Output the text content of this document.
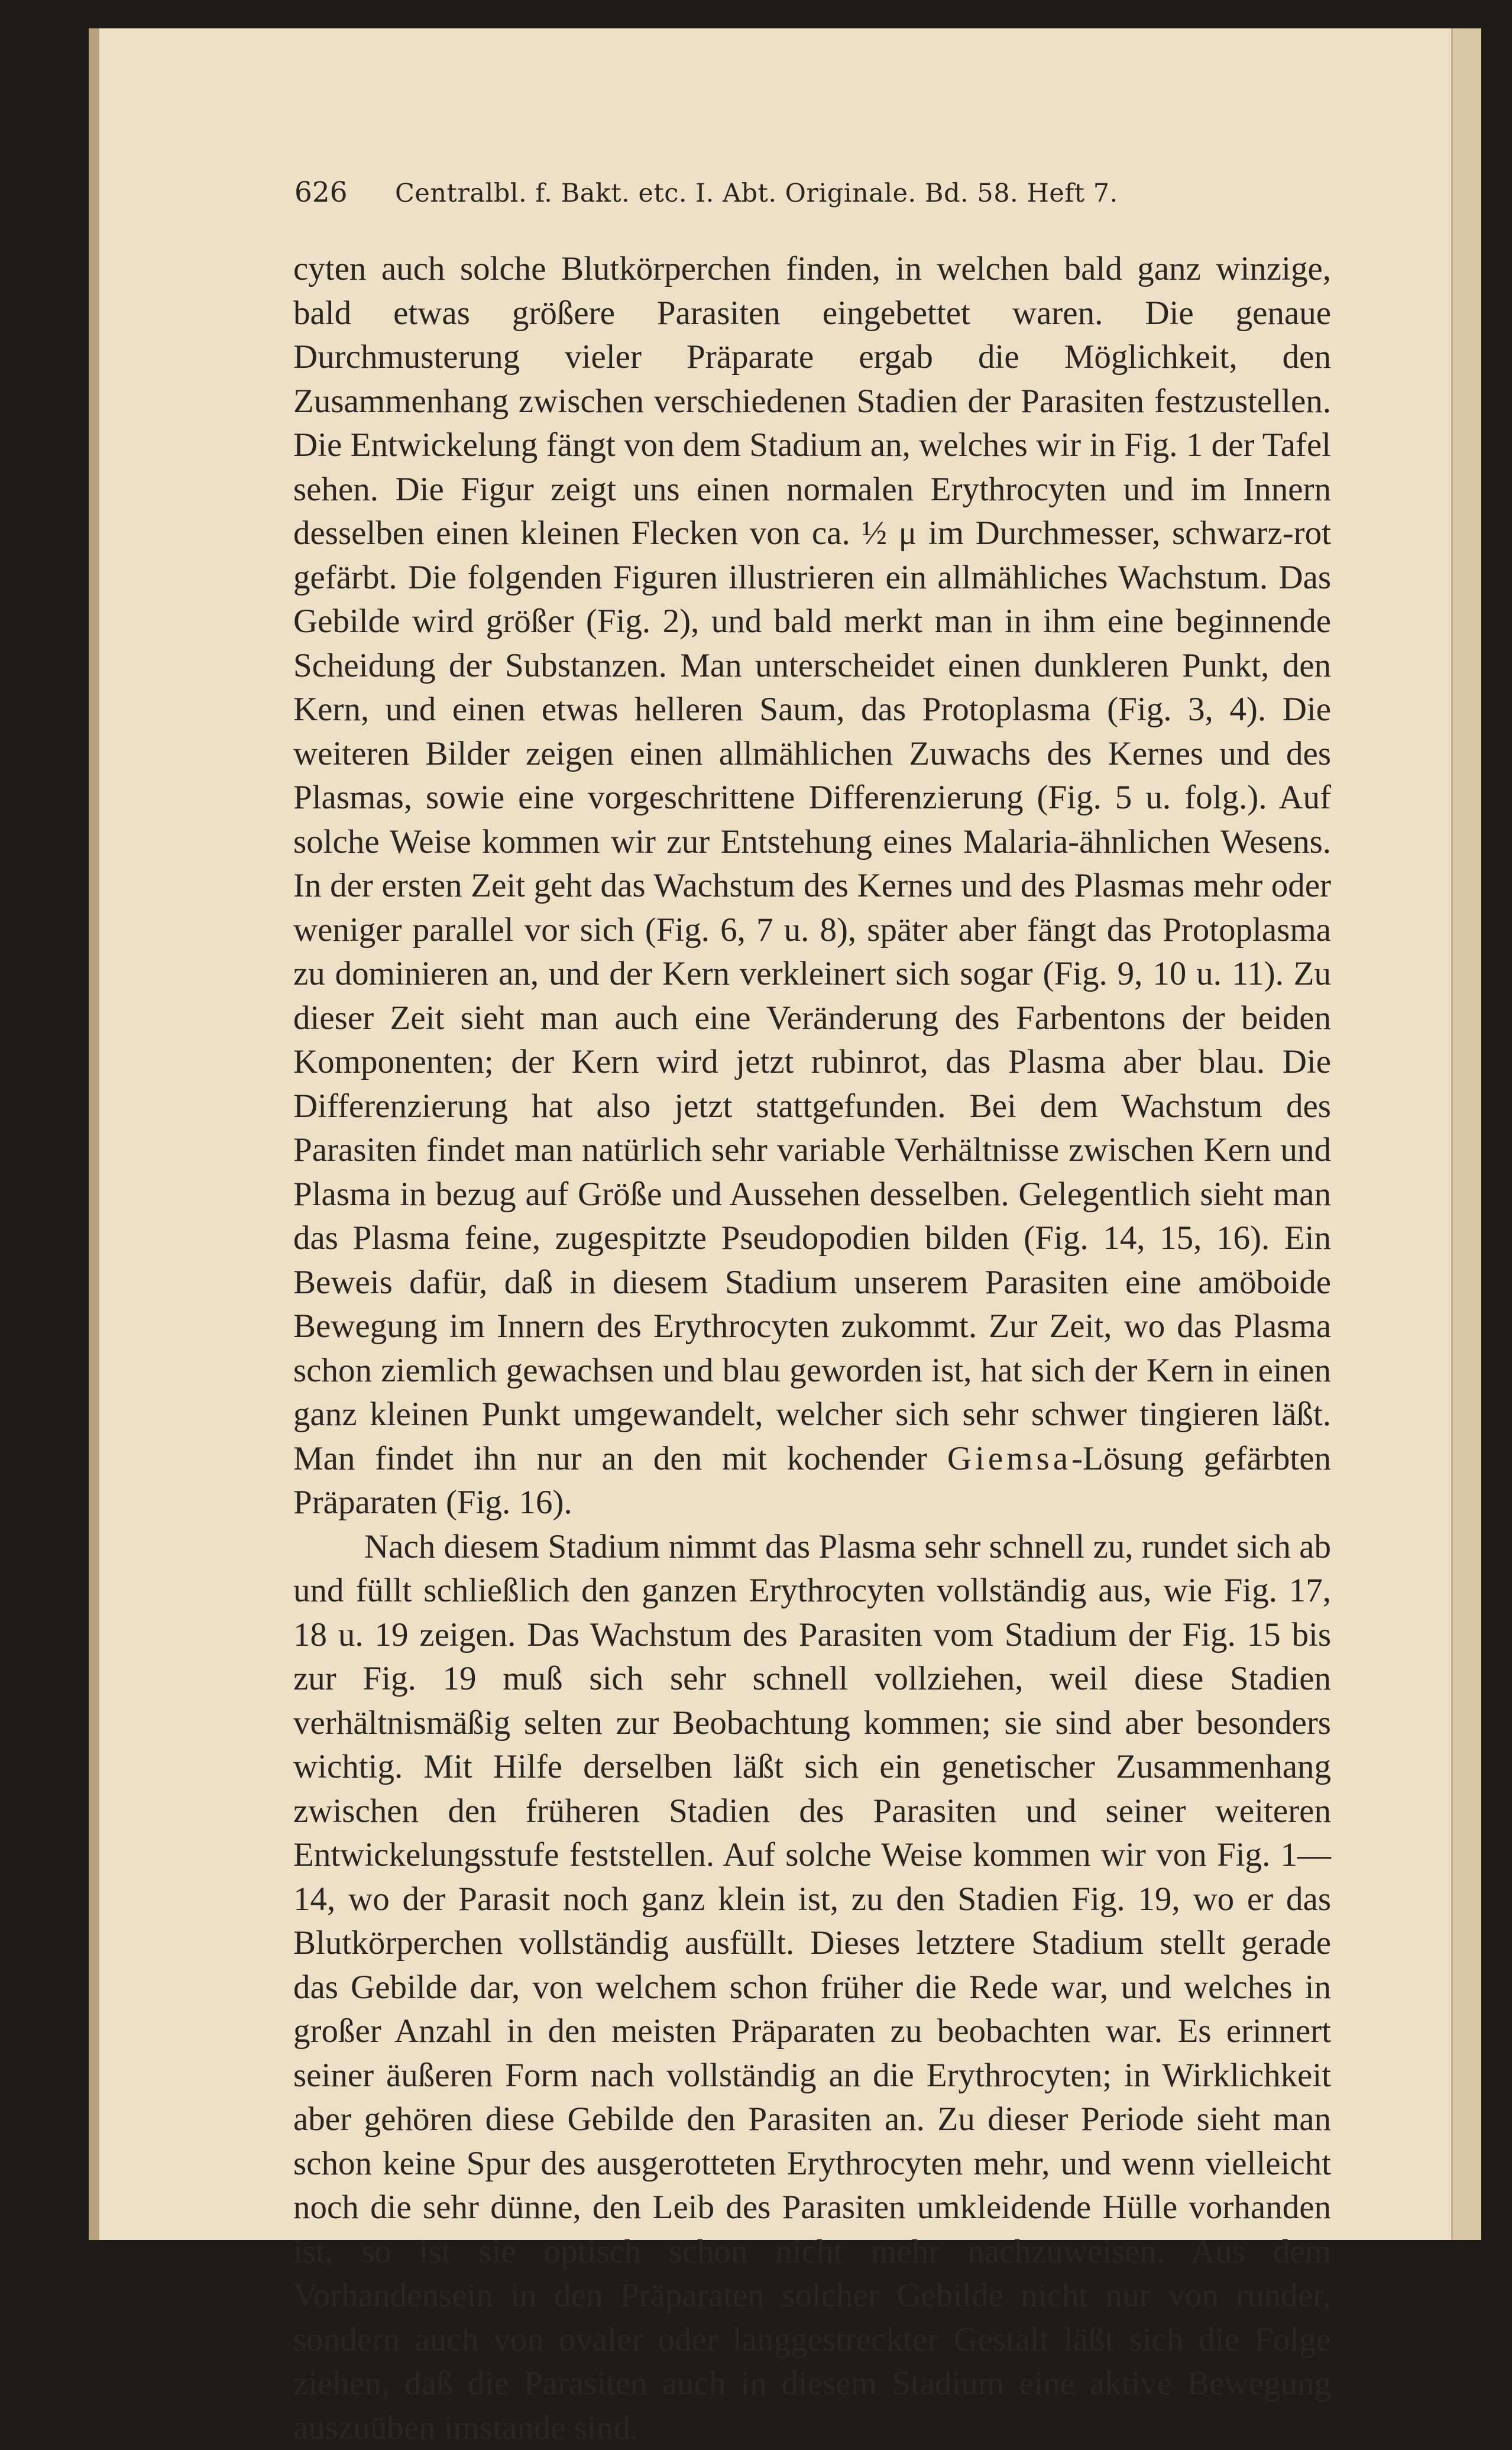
626 Centralbl. f. Bakt. etc. I. Abt. Originale. Bd. 58. Heft 7.

cyten auch solche Blutkörperchen finden, in welchen bald ganz winzige, bald etwas größere Parasiten eingebettet waren. Die genaue Durchmusterung vieler Präparate ergab die Möglichkeit, den Zusammenhang zwischen verschiedenen Stadien der Parasiten festzustellen. Die Entwickelung fängt von dem Stadium an, welches wir in Fig. 1 der Tafel sehen. Die Figur zeigt uns einen normalen Erythrocyten und im Innern desselben einen kleinen Flecken von ca. ½ μ im Durchmesser, schwarz-rot gefärbt. Die folgenden Figuren illustrieren ein allmähliches Wachstum. Das Gebilde wird größer (Fig. 2), und bald merkt man in ihm eine beginnende Scheidung der Substanzen. Man unterscheidet einen dunkleren Punkt, den Kern, und einen etwas helleren Saum, das Protoplasma (Fig. 3, 4). Die weiteren Bilder zeigen einen allmählichen Zuwachs des Kernes und des Plasmas, sowie eine vorgeschrittene Differenzierung (Fig. 5 u. folg.). Auf solche Weise kommen wir zur Entstehung eines Malaria-ähnlichen Wesens. In der ersten Zeit geht das Wachstum des Kernes und des Plasmas mehr oder weniger parallel vor sich (Fig. 6, 7 u. 8), später aber fängt das Protoplasma zu dominieren an, und der Kern verkleinert sich sogar (Fig. 9, 10 u. 11). Zu dieser Zeit sieht man auch eine Veränderung des Farbentons der beiden Komponenten; der Kern wird jetzt rubinrot, das Plasma aber blau. Die Differenzierung hat also jetzt stattgefunden. Bei dem Wachstum des Parasiten findet man natürlich sehr variable Verhältnisse zwischen Kern und Plasma in bezug auf Größe und Aussehen desselben. Gelegentlich sieht man das Plasma feine, zugespitzte Pseudopodien bilden (Fig. 14, 15, 16). Ein Beweis dafür, daß in diesem Stadium unserem Parasiten eine amöboide Bewegung im Innern des Erythrocyten zukommt. Zur Zeit, wo das Plasma schon ziemlich gewachsen und blau geworden ist, hat sich der Kern in einen ganz kleinen Punkt umgewandelt, welcher sich sehr schwer tingieren läßt. Man findet ihn nur an den mit kochender Giemsa-Lösung gefärbten Präparaten (Fig. 16).

Nach diesem Stadium nimmt das Plasma sehr schnell zu, rundet sich ab und füllt schließlich den ganzen Erythrocyten vollständig aus, wie Fig. 17, 18 u. 19 zeigen. Das Wachstum des Parasiten vom Stadium der Fig. 15 bis zur Fig. 19 muß sich sehr schnell vollziehen, weil diese Stadien verhältnismäßig selten zur Beobachtung kommen; sie sind aber besonders wichtig. Mit Hilfe derselben läßt sich ein genetischer Zusammenhang zwischen den früheren Stadien des Parasiten und seiner weiteren Entwickelungsstufe feststellen. Auf solche Weise kommen wir von Fig. 1—14, wo der Parasit noch ganz klein ist, zu den Stadien Fig. 19, wo er das Blutkörperchen vollständig ausfüllt. Dieses letztere Stadium stellt gerade das Gebilde dar, von welchem schon früher die Rede war, und welches in großer Anzahl in den meisten Präparaten zu beobachten war. Es erinnert seiner äußeren Form nach vollständig an die Erythrocyten; in Wirklichkeit aber gehören diese Gebilde den Parasiten an. Zu dieser Periode sieht man schon keine Spur des ausgerotteten Erythrocyten mehr, und wenn vielleicht noch die sehr dünne, den Leib des Parasiten umkleidende Hülle vorhanden ist, so ist sie optisch schon nicht mehr nachzuweisen. Aus dem Vorhandensein in den Präparaten solcher Gebilde nicht nur von runder, sondern auch von ovaler oder langgestreckter Gestalt läßt sich die Folge ziehen, daß die Parasiten auch in diesem Stadium eine aktive Bewegung auszuüben imstande sind.
